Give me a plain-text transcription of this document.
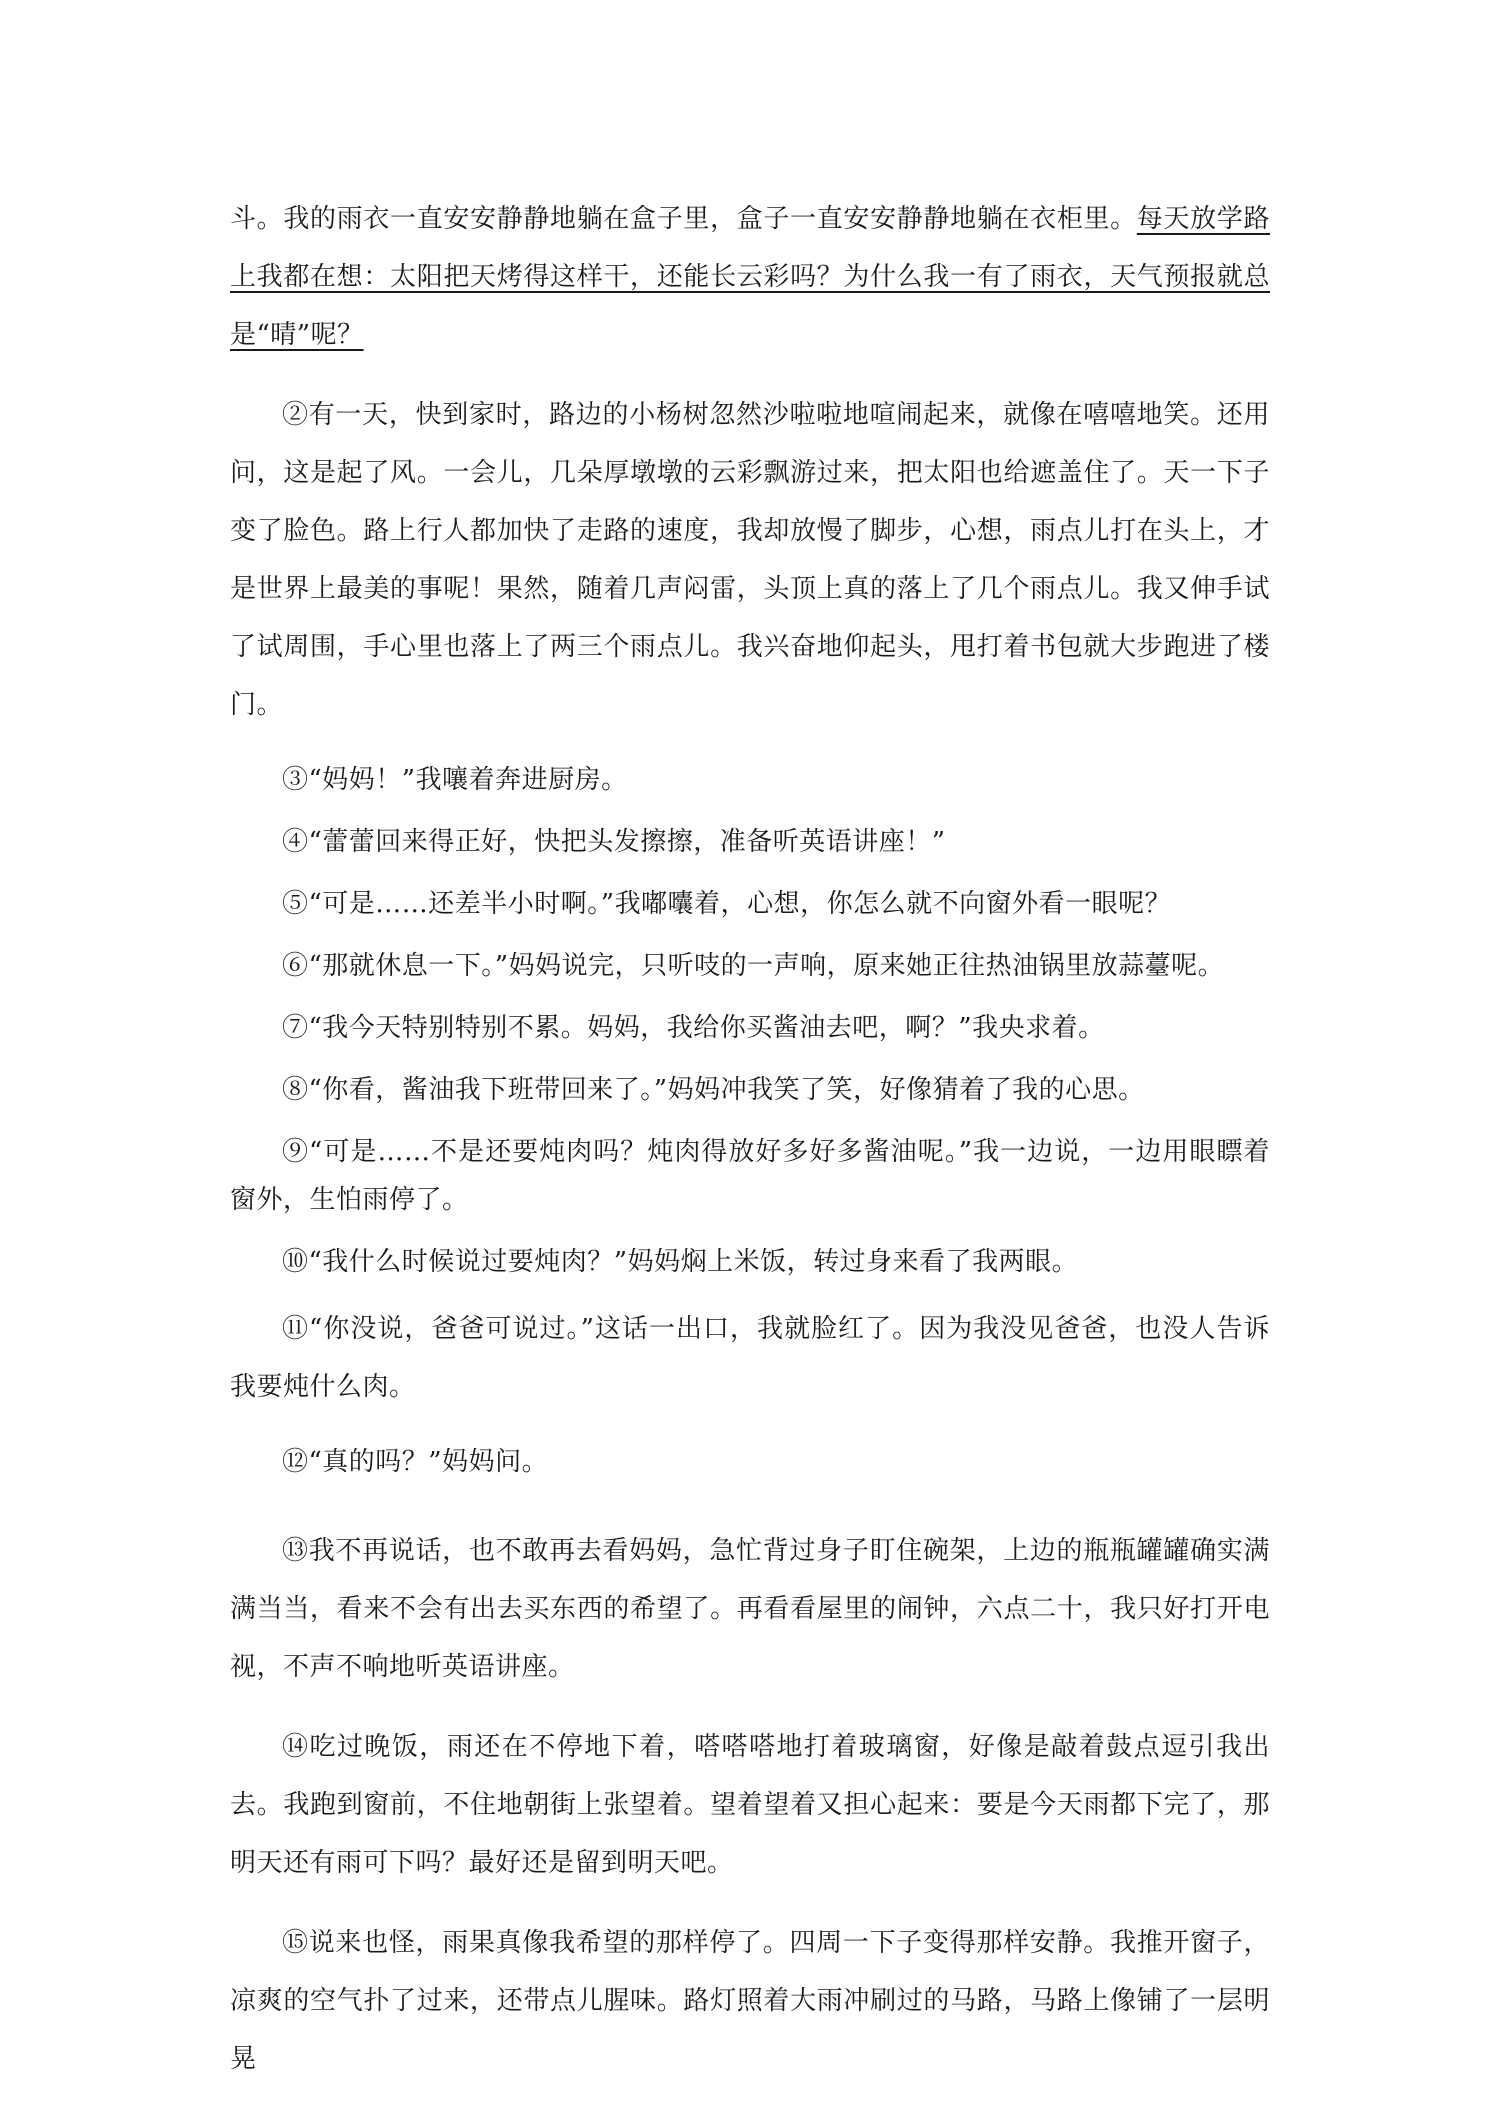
斗。我的雨衣一直安安静静地躺在盒子里，盒子一直安安静静地躺在衣柜里。每天放学路上我都在想：太阳把天烤得这样干，还能长云彩吗？为什么我一有了雨衣，天气预报就总是“晴”呢？

②有一天，快到家时，路边的小杨树忽然沙啦啦地喧闹起来，就像在嘻嘻地笑。还用问，这是起了风。一会儿，几朵厚墩墩的云彩飘游过来，把太阳也给遮盖住了。天一下子变了脸色。路上行人都加快了走路的速度，我却放慢了脚步，心想，雨点儿打在头上，才是世界上最美的事呢！果然，随着几声闷雷，头顶上真的落上了几个雨点儿。我又伸手试了试周围，手心里也落上了两三个雨点儿。我兴奋地仰起头，甩打着书包就大步跑进了楼门。

③“妈妈！”我嚷着奔进厨房。

④“蕾蕾回来得正好，快把头发擦擦，准备听英语讲座！”

⑤“可是……还差半小时啊。”我嘟囔着，心想，你怎么就不向窗外看一眼呢？

⑥“那就休息一下。”妈妈说完，只听吱的一声响，原来她正往热油锅里放蒜薹呢。

⑦“我今天特别特别不累。妈妈，我给你买酱油去吧，啊？”我央求着。

⑧“你看，酱油我下班带回来了。”妈妈冲我笑了笑，好像猜着了我的心思。

⑨“可是……不是还要炖肉吗？炖肉得放好多好多酱油呢。”我一边说，一边用眼瞟着窗外，生怕雨停了。

⑩“我什么时候说过要炖肉？”妈妈焖上米饭，转过身来看了我两眼。

⑪“你没说，爸爸可说过。”这话一出口，我就脸红了。因为我没见爸爸，也没人告诉我要炖什么肉。

⑫“真的吗？”妈妈问。

⑬我不再说话，也不敢再去看妈妈，急忙背过身子盯住碗架，上边的瓶瓶罐罐确实满满当当，看来不会有出去买东西的希望了。再看看屋里的闹钟，六点二十，我只好打开电视，不声不响地听英语讲座。

⑭吃过晚饭，雨还在不停地下着，嗒嗒嗒地打着玻璃窗，好像是敲着鼓点逗引我出去。我跑到窗前，不住地朝街上张望着。望着望着又担心起来：要是今天雨都下完了，那明天还有雨可下吗？最好还是留到明天吧。

⑮说来也怪，雨果真像我希望的那样停了。四周一下子变得那样安静。我推开窗子，凉爽的空气扑了过来，还带点儿腥味。路灯照着大雨冲刷过的马路，马路上像铺了一层明晃
